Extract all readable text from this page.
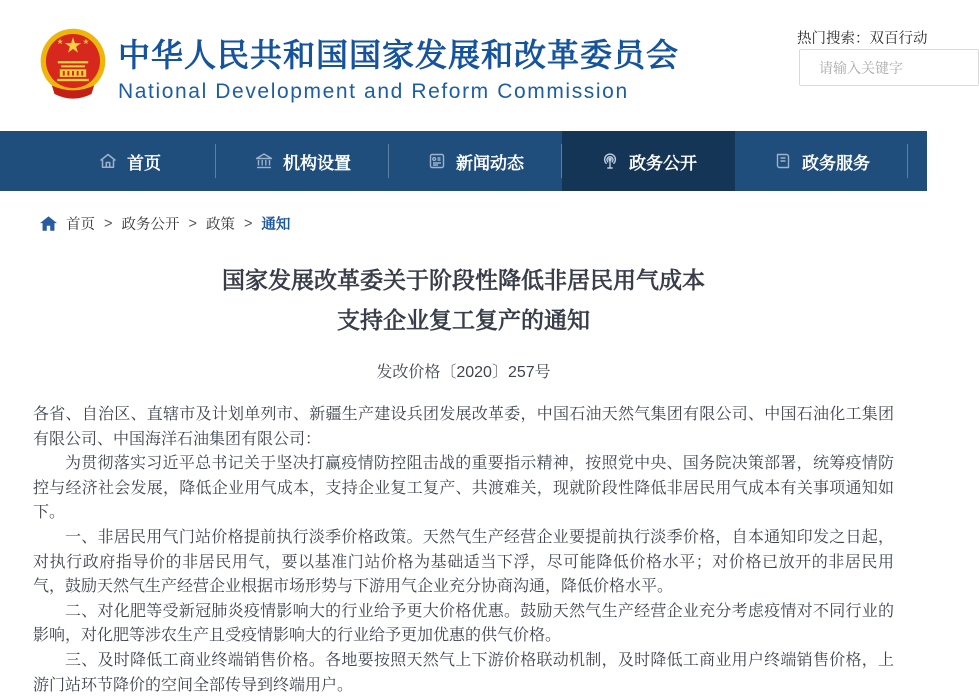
中华人民共和国国家发展和改革委员会
National Development and Reform Commission
热门搜索：双百行动
请输入关键字
首页	机构设置	新闻动态	政务公开	政务服务
首页 > 政务公开 > 政策 > 通知
国家发展改革委关于阶段性降低非居民用气成本
支持企业复工复产的通知
发改价格〔2020〕257号

各省、自治区、直辖市及计划单列市、新疆生产建设兵团发展改革委，中国石油天然气集团有限公司、中国石油化工集团有限公司、中国海洋石油集团有限公司：

为贯彻落实习近平总书记关于坚决打赢疫情防控阻击战的重要指示精神，按照党中央、国务院决策部署，统筹疫情防控与经济社会发展，降低企业用气成本，支持企业复工复产、共渡难关，现就阶段性降低非居民用气成本有关事项通知如下。

一、非居民用气门站价格提前执行淡季价格政策。天然气生产经营企业要提前执行淡季价格，自本通知印发之日起，对执行政府指导价的非居民用气，要以基准门站价格为基础适当下浮，尽可能降低价格水平；对价格已放开的非居民用气，鼓励天然气生产经营企业根据市场形势与下游用气企业充分协商沟通，降低价格水平。

二、对化肥等受新冠肺炎疫情影响大的行业给予更大价格优惠。鼓励天然气生产经营企业充分考虑疫情对不同行业的影响，对化肥等涉农生产且受疫情影响大的行业给予更加优惠的供气价格。

三、及时降低工商业终端销售价格。各地要按照天然气上下游价格联动机制，及时降低工商业用户终端销售价格，上游门站环节降价的空间全部传导到终端用户。
